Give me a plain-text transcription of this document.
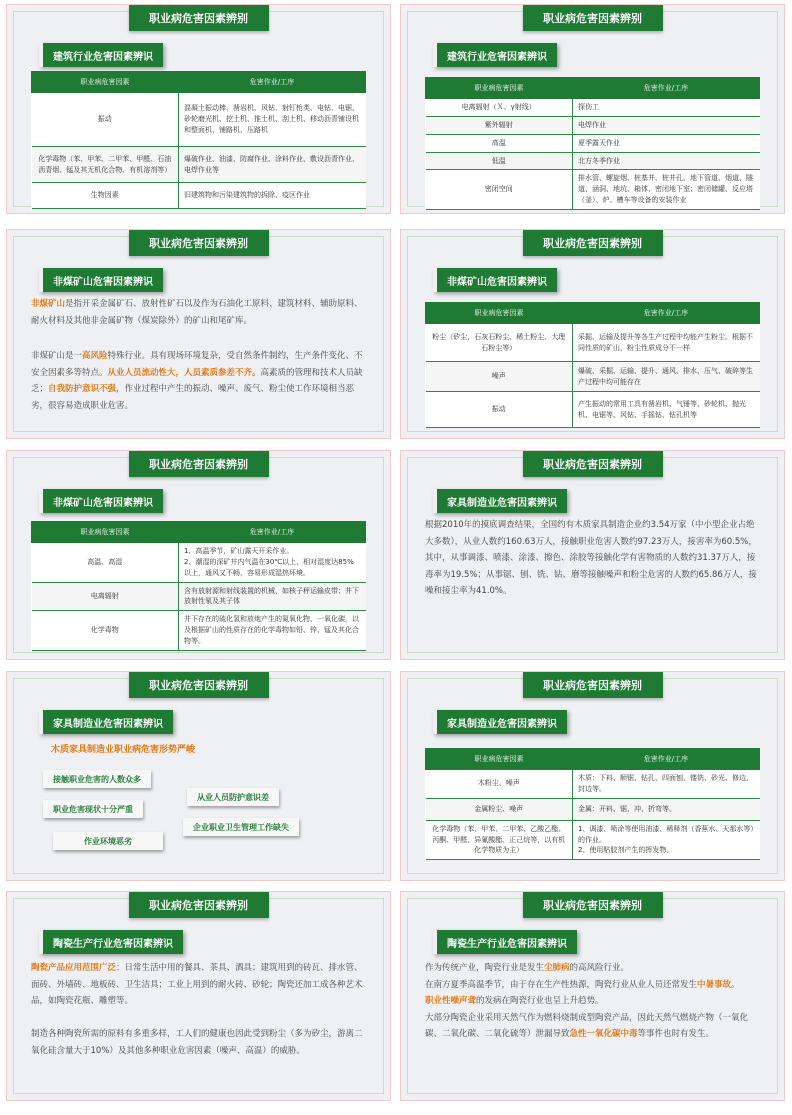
职业病危害因素辨别
建筑行业危害因素辨识
职业病危害因素	危害作业/工序
振动	混凝土振动棒、凿岩机、风钻、射钉枪类、电钻、电锯、砂轮磨光机、挖土机、推土机、刮土机、移动沥青铺设机和整面机、铺路机、压路机
化学毒物（苯、甲苯、二甲苯、甲醛、石油沥青烟、锰及其无机化合物、有机溶剂等）	爆破作业、油漆、防腐作业、涂料作业、敷设沥青作业、电焊作业等
生物因素	旧建筑物和污染建筑物的拆除、疫区作业
职业病危害因素辨别
建筑行业危害因素辨识
职业病危害因素	危害作业/工序
电离辐射（Ｘ、γ射线）	探伤工
紫外辐射	电焊作业
高温	夏季露天作业
低温	北方冬季作业
密闭空间	排水管、螺旋烟、桩基井、桩井孔、地下管道、烟道、隧道、涵洞、地坑、箱体、密闭地下室；密闭储罐、反应塔（釜）、炉、槽车等设备的安装作业
职业病危害因素辨别
非煤矿山危害因素辨识

非煤矿山是指开采金属矿石、放射性矿石以及作为石油化工原料、建筑材料、辅助原料、耐火材料及其他非金属矿物（煤炭除外）的矿山和尾矿库。

非煤矿山是一高风险特殊行业。具有现场环境复杂，受自然条件制约，生产条件变化、不安全因素多等特点。从业人员流动性大，人员素质参差不齐。高素质的管理和技术人员缺乏；自我防护意识不强，作业过程中产生的振动、噪声、废气、粉尘使工作环境相当恶劣，很容易造成职业危害。

职业病危害因素辨别
非煤矿山危害因素辨识
职业病危害因素	危害作业/工序
粉尘（矽尘，石灰石粉尘、稀土粉尘、大理石粉尘等）	采掘、运输及提升等各生产过程中均能产生粉尘。根据不同性质的矿山，粉尘性质成分不一样
噪声	爆破、采掘、运输、提升、通风、排水、压气、破碎等生产过程中均可能存在
振动	产生振动的常用工具有凿岩机、气锤等、砂轮机、抛光机、电锯等、风钻、手摇钻、钻孔机等
职业病危害因素辨别
非煤矿山危害因素辨识
职业病危害因素	危害作业/工序
高温、高湿	1、高温季节，矿山露天开采作业。
2、潮湿的深矿井内气温在30℃以上，相对湿度达85%以上，通风又不畅，容易形成湿热环境。
电离辐射	含有放射源和射线装置的机械，如核子秤运输皮带；井下放射性氡及其子体
化学毒物	井下存在的硫化氢和放炮产生的氮氧化物、一氧化碳，以及根据矿山的性质存在的化学毒物如铅、锌、锰及其化合物等。
职业病危害因素辨别
家具制造业危害因素辨识

根据2010年的摸底调查结果，全国约有木质家具制造企业约3.54万家（中小型企业占绝大多数），从业人数约160.63万人，接触职业危害人数约97.23万人，接害率为60.5%，其中，从事调漆、喷漆、涂漆、擦色、涂胶等接触化学有害物质的人数约31.37万人，接毒率为19.5%；从事锯、刨、铣、钻、磨等接触噪声和粉尘危害的人数约65.86万人，接噪和接尘率为41.0%。

职业病危害因素辨别
家具制造业危害因素辨识
木质家具制造业职业病危害形势严峻
接触职业危害的人数众多
从业人员防护意识差
职业危害现状十分严重
企业职业卫生管理工作缺失
作业环境恶劣
职业病危害因素辨别
家具制造业危害因素辨识
职业病危害因素	危害作业/工序
木粉尘、噪声	木质：下料、顺锯、钻孔、四面刨、镂铣、砂光、修边、封边等。
金属粉尘、噪声	金属：开料、锯、冲、折弯等。
化学毒物（苯、甲苯、二甲苯、乙酸乙酯、丙酮、甲醛、异氰酸酯、正己烷等，以有机化学物质为主）	1、调漆、喷涂等使用油漆、稀释剂（香蕉水、天那水等）的作业。
2、使用粘胶剂产生的挥发物。
职业病危害因素辨别
陶瓷生产行业危害因素辨识

陶瓷产品应用范围广泛：日常生活中用的餐具、茶具、酒具；建筑用到的砖瓦、排水管、面砖、外墙砖、地板砖、卫生洁具；工业上用到的耐火砖、砂轮；陶瓷还加工成各种艺术品，如陶瓷花瓶、雕塑等。

制造各种陶瓷所需的原料有多重多样，工人们的健康也因此受到粉尘（多为矽尘，游离二氧化硅含量大于10%）及其他多种职业危害因素（噪声、高温）的威胁。

职业病危害因素辨别
陶瓷生产行业危害因素辨识

作为传统产业，陶瓷行业是发生尘肺病的高风险行业。
在南方夏季高温季节，由于存在生产性热源，陶瓷行业从业人员还常发生中暑事故。
职业性噪声聋的发病在陶瓷行业也呈上升趋势。
大部分陶瓷企业采用天然气作为燃料烧制成型陶瓷产品，因此天然气燃烧产物（一氧化碳、二氧化碳、二氧化硫等）泄漏导致急性一氧化碳中毒等事件也时有发生。
